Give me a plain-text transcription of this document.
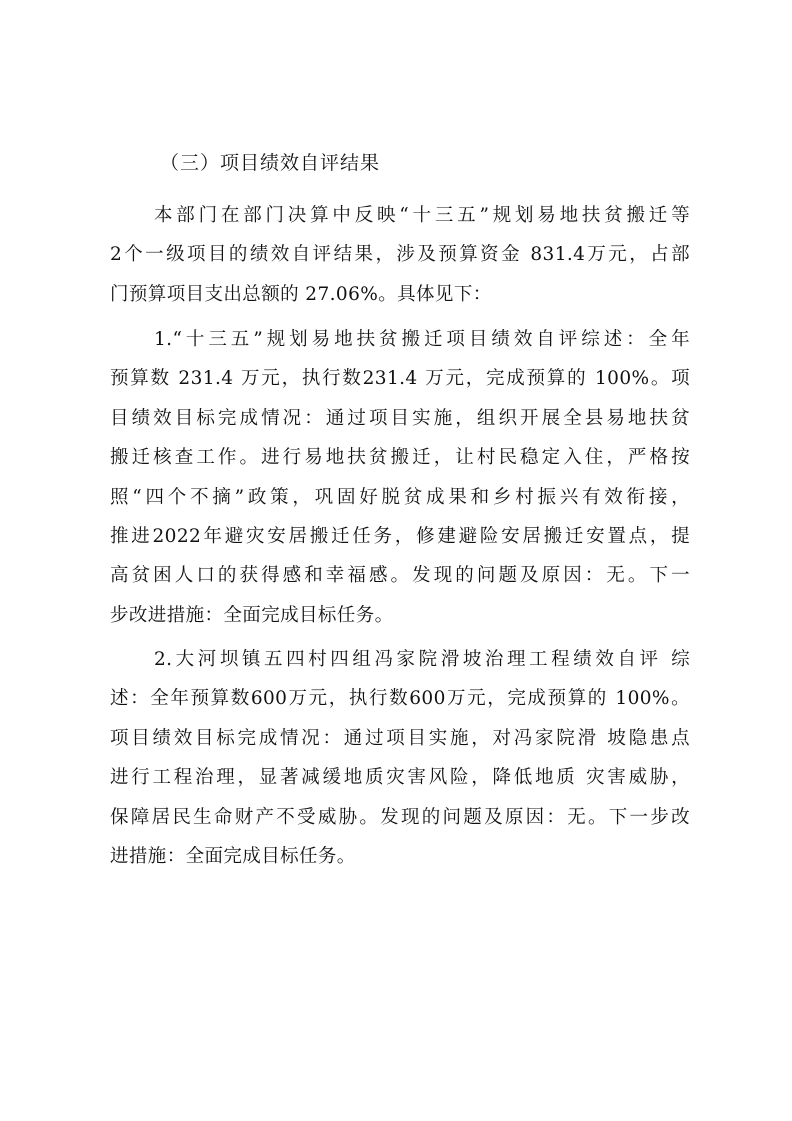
（三）项目绩效自评结果
本部门在部门决算中反映“十三五”规划易地扶贫搬迁等
2个一级项目的绩效自评结果，涉及预算资金 831.4万元，占部
门预算项目支出总额的 27.06%。具体见下：
1.“十三五”规划易地扶贫搬迁项目绩效自评综述：全年
预算数 231.4 万元，执行数231.4 万元，完成预算的 100%。项
目绩效目标完成情况：通过项目实施，组织开展全县易地扶贫
搬迁核查工作。进行易地扶贫搬迁，让村民稳定入住，严格按
照“四个不摘”政策，巩固好脱贫成果和乡村振兴有效衔接，
推进2022年避灾安居搬迁任务，修建避险安居搬迁安置点，提
高贫困人口的获得感和幸福感。发现的问题及原因：无。下一
步改进措施：全面完成目标任务。
2.大河坝镇五四村四组冯家院滑坡治理工程绩效自评 综
述：全年预算数600万元，执行数600万元，完成预算的 100%。
项目绩效目标完成情况：通过项目实施，对冯家院滑 坡隐患点
进行工程治理，显著减缓地质灾害风险，降低地质 灾害威胁，
保障居民生命财产不受威胁。发现的问题及原因：无。下一步改
进措施：全面完成目标任务。
